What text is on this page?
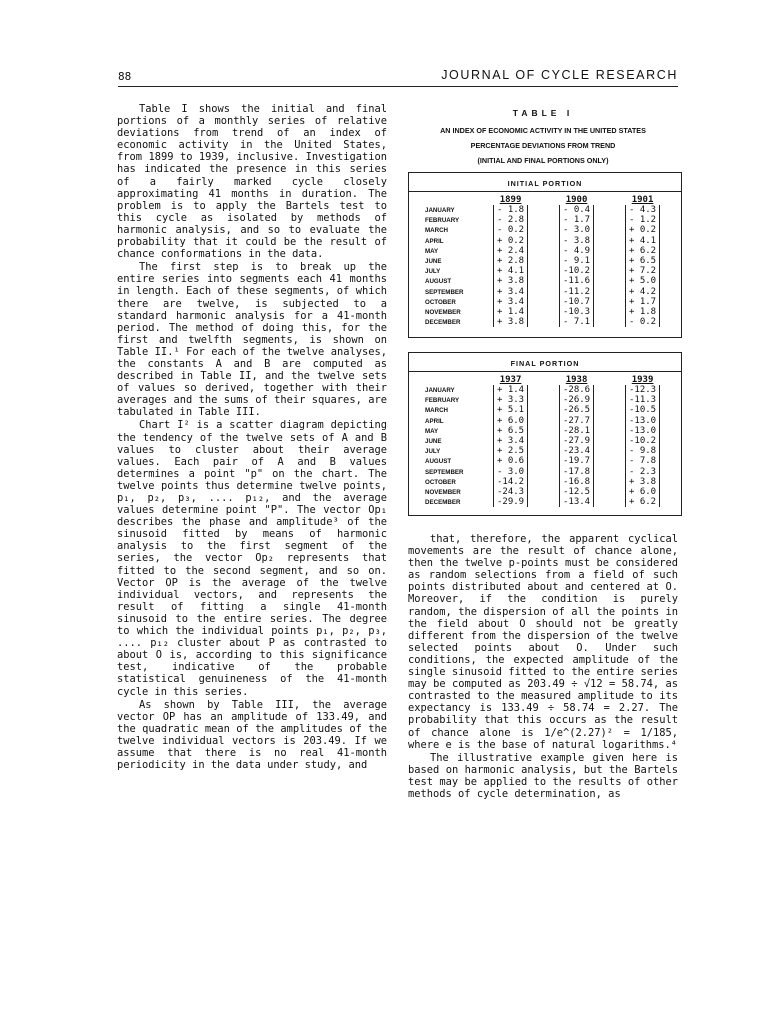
88	JOURNAL OF CYCLE RESEARCH

Table I shows the initial and final portions of a monthly series of relative deviations from trend of an index of economic activity in the United States, from 1899 to 1939, inclusive. Investigation has indicated the presence in this series of a fairly marked cycle closely approximating 41 months in duration. The problem is to apply the Bartels test to this cycle as isolated by methods of harmonic analysis, and so to evaluate the probability that it could be the result of chance conformations in the data.

The first step is to break up the entire series into segments each 41 months in length. Each of these segments, of which there are twelve, is subjected to a standard harmonic analysis for a 41-month period. The method of doing this, for the first and twelfth segments, is shown on Table II.¹ For each of the twelve analyses, the constants A and B are computed as described in Table II, and the twelve sets of values so derived, together with their averages and the sums of their squares, are tabulated in Table III.

Chart I² is a scatter diagram depicting the tendency of the twelve sets of A and B values to cluster about their average values. Each pair of A and B values determines a point "p" on the chart. The twelve points thus determine twelve points, p₁, p₂, p₃, .... p₁₂, and the average values determine point "P". The vector Op₁ describes the phase and amplitude³ of the sinusoid fitted by means of harmonic analysis to the first segment of the series, the vector Op₂ represents that fitted to the second segment, and so on. Vector OP is the average of the twelve individual vectors, and represents the result of fitting a single 41-month sinusoid to the entire series. The degree to which the individual points p₁, p₂, p₃, .... p₁₂ cluster about P as contrasted to about O is, according to this significance test, indicative of the probable statistical genuineness of the 41-month cycle in this series.

As shown by Table III, the average vector OP has an amplitude of 133.49, and the quadratic mean of the amplitudes of the twelve individual vectors is 203.49. If we assume that there is no real 41-month periodicity in the data under study, and

that, therefore, the apparent cyclical movements are the result of chance alone, then the twelve p-points must be considered as random selections from a field of such points distributed about and centered at O. Moreover, if the condition is purely random, the dispersion of all the points in the field about O should not be greatly different from the dispersion of the twelve selected points about O. Under such conditions, the expected amplitude of the single sinusoid fitted to the entire series may be computed as 203.49 ÷ √12 = 58.74, as contrasted to the measured amplitude to its expectancy is 133.49 ÷ 58.74 = 2.27. The probability that this occurs as the result of chance alone is 1/e^(2.27)² = 1/185, where e is the base of natural logarithms.⁴

The illustrative example given here is based on harmonic analysis, but the Bartels test may be applied to the results of other methods of cycle determination, as

TABLE I
AN INDEX OF ECONOMIC ACTIVITY IN THE UNITED STATES
PERCENTAGE DEVIATIONS FROM TREND
(INITIAL AND FINAL PORTIONS ONLY)
INITIAL PORTION
JANUARY
FEBRUARY
MARCH
APRIL
MAY
JUNE
JULY
AUGUST
SEPTEMBER
OCTOBER
NOVEMBER
DECEMBER
1899
- 1.8
- 2.8
- 0.2
+ 0.2
+ 2.4
+ 2.8
+ 4.1
+ 3.8
+ 3.4
+ 3.4
+ 1.4
+ 3.8
1900
- 0.4
- 1.7
- 3.0
- 3.8
- 4.9
- 9.1
-10.2
-11.6
-11.2
-10.7
-10.3
- 7.1
1901
- 4.3
- 1.2
+ 0.2
+ 4.1
+ 6.2
+ 6.5
+ 7.2
+ 5.0
+ 4.2
+ 1.7
+ 1.8
- 0.2
FINAL PORTION
JANUARY
FEBRUARY
MARCH
APRIL
MAY
JUNE
JULY
AUGUST
SEPTEMBER
OCTOBER
NOVEMBER
DECEMBER
1937
+ 1.4
+ 3.3
+ 5.1
+ 6.0
+ 6.5
+ 3.4
+ 2.5
+ 0.6
- 3.0
-14.2
-24.3
-29.9
1938
-28.6
-26.9
-26.5
-27.7
-28.1
-27.9
-23.4
-19.7
-17.8
-16.8
-12.5
-13.4
1939
-12.3
-11.3
-10.5
-13.0
-13.0
-10.2
- 9.8
- 7.8
- 2.3
+ 3.8
+ 6.0
+ 6.2
